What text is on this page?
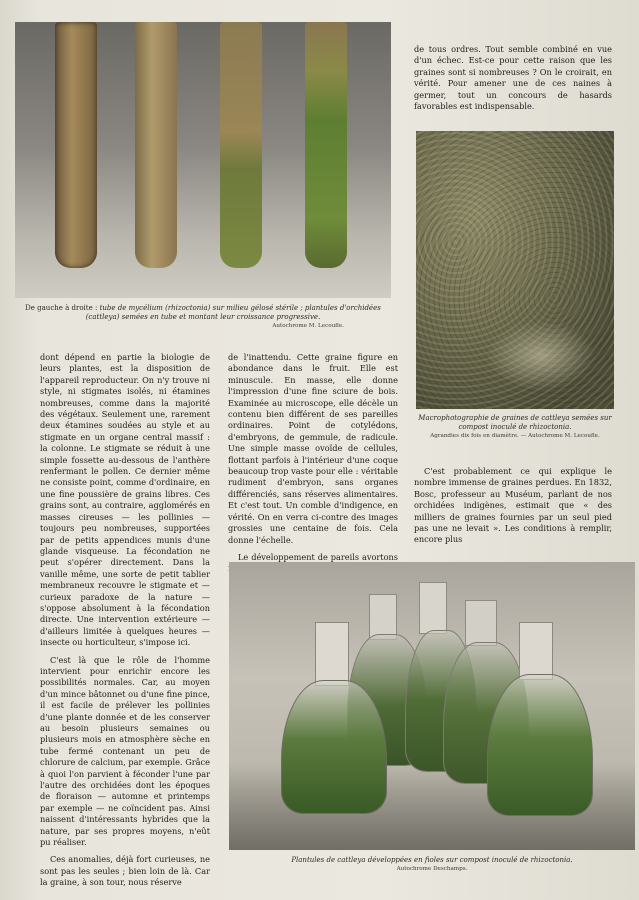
De gauche à droite : tube de mycélium (rhizoctonia) sur milieu gélosé stérile ; plantules d'orchidées (cattleya) semées en tube et montant leur croissance progressive.
Autochrome M. Lecoufle.

de tous ordres. Tout semble combiné en vue d'un échec. Est-ce pour cette raison que les graines sont si nombreuses ? On le croirait, en vérité. Pour amener une de ces naines à germer, tout un concours de hasards favorables est indispensable.

Macrophotographie de graines de cattleya semées sur compost inoculé de rhizoctonia.
Agrandies dix fois en diamètre. — Autochrome M. Lecoufle.

dont dépend en partie la biologie de leurs plantes, est la disposition de l'appareil reproducteur. On n'y trouve ni style, ni stigmates isolés, ni étamines nombreuses, comme dans la majorité des végétaux. Seulement une, rarement deux étamines soudées au style et au stigmate en un organe central massif : la colonne. Le stigmate se réduit à une simple fossette au-dessous de l'anthère renfermant le pollen. Ce dernier même ne consiste point, comme d'ordinaire, en une fine poussière de grains libres. Ces grains sont, au contraire, agglomérés en masses cireuses — les pollinies — toujours peu nombreuses, supportées par de petits appendices munis d'une glande visqueuse. La fécondation ne peut s'opérer directement. Dans la vanille même, une sorte de petit tablier membraneux recouvre le stigmate et — curieux paradoxe de la nature — s'oppose absolument à la fécondation directe. Une intervention extérieure — d'ailleurs limitée à quelques heures — insecte ou horticulteur, s'impose ici.

C'est là que le rôle de l'homme intervient pour enrichir encore les possibilités normales. Car, au moyen d'un mince bâtonnet ou d'une fine pince, il est facile de prélever les pollinies d'une plante donnée et de les conserver au besoin plusieurs semaines ou plusieurs mois en atmosphère sèche en tube fermé contenant un peu de chlorure de calcium, par exemple. Grâce à quoi l'on parvient à féconder l'une par l'autre des orchidées dont les époques de floraison — automne et printemps par exemple — ne coïncident pas. Ainsi naissent d'intéressants hybrides que la nature, par ses propres moyens, n'eût pu réaliser.

Ces anomalies, déjà fort curieuses, ne sont pas les seules ; bien loin de là. Car la graine, à son tour, nous réserve

de l'inattendu. Cette graine figure en abondance dans le fruit. Elle est minuscule. En masse, elle donne l'impression d'une fine sciure de bois. Examinée au microscope, elle décèle un contenu bien différent de ses pareilles ordinaires. Point de cotylédons, d'embryons, de gemmule, de radicule. Une simple masse ovoïde de cellules, flottant parfois à l'intérieur d'une coque beaucoup trop vaste pour elle : véritable rudiment d'embryon, sans organes différenciés, sans réserves alimentaires. Et c'est tout. Un comble d'indigence, en vérité. On en verra ci-contre des images grossies une centaine de fois. Cela donne l'échelle.

Le développement de pareils avortons

C'est probablement ce qui explique le nombre immense de graines perdues. En 1832, Bosc, professeur au Muséum, parlant de nos orchidées indigènes, estimait que « des milliers de graines fournies par un seul pied pas une ne levait ». Les conditions à remplir, encore plus

Plantules de cattleya développées en fioles sur compost inoculé de rhizoctonia.
Autochrome Deschamps.
